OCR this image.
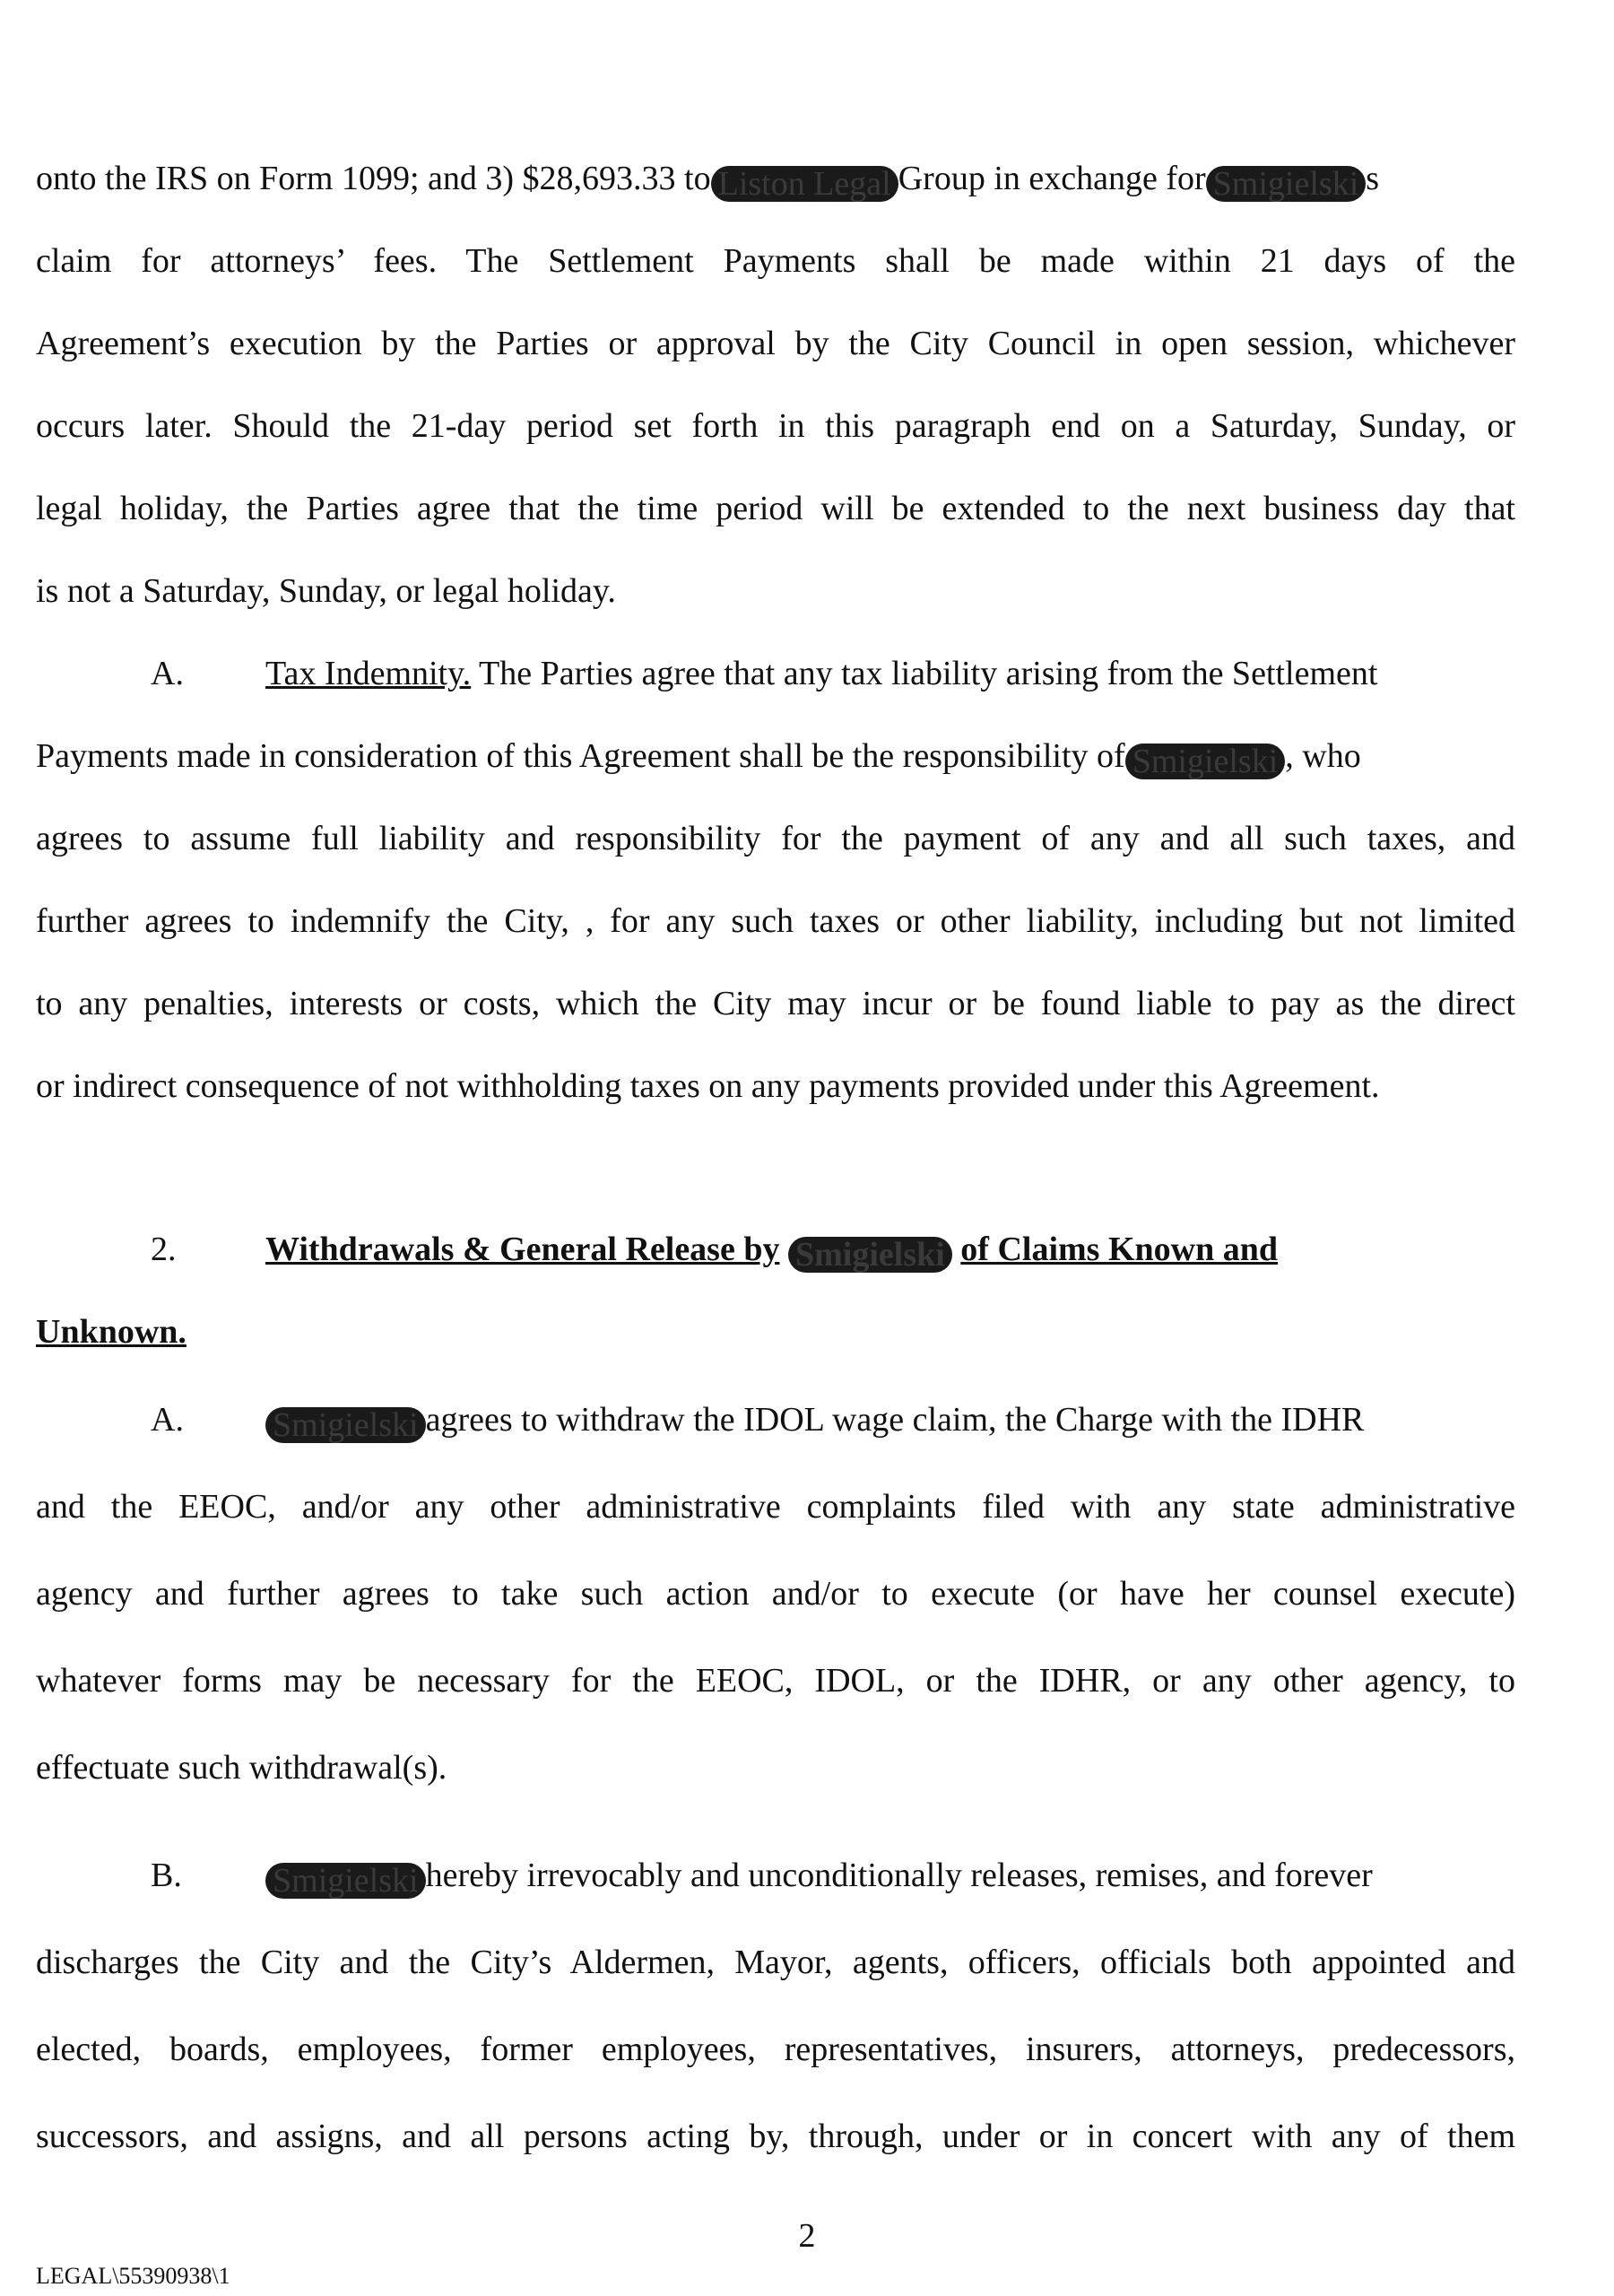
onto the IRS on Form 1099; and 3) $28,693.33 to Liston Legal Group in exchange for Smigielski s
claim for attorneys’ fees. The Settlement Payments shall be made within 21 days of the
Agreement’s execution by the Parties or approval by the City Council in open session, whichever
occurs later. Should the 21-day period set forth in this paragraph end on a Saturday, Sunday, or
legal holiday, the Parties agree that the time period will be extended to the next business day that
is not a Saturday, Sunday, or legal holiday.
A. Tax Indemnity. The Parties agree that any tax liability arising from the Settlement
Payments made in consideration of this Agreement shall be the responsibility of Smigielski , who
agrees to assume full liability and responsibility for the payment of any and all such taxes, and
further agrees to indemnify the City, , for any such taxes or other liability, including but not limited
to any penalties, interests or costs, which the City may incur or be found liable to pay as the direct
or indirect consequence of not withholding taxes on any payments provided under this Agreement.
2.	Withdrawals & General Release by Smigielski of Claims Known and
Unknown.
A.	Smigielski agrees to withdraw the IDOL wage claim, the Charge with the IDHR
and the EEOC, and/or any other administrative complaints filed with any state administrative
agency and further agrees to take such action and/or to execute (or have her counsel execute)
whatever forms may be necessary for the EEOC, IDOL, or the IDHR, or any other agency, to
effectuate such withdrawal(s).
B.	Smigielski hereby irrevocably and unconditionally releases, remises, and forever
discharges the City and the City’s Aldermen, Mayor, agents, officers, officials both appointed and
elected, boards, employees, former employees, representatives, insurers, attorneys, predecessors,
successors, and assigns, and all persons acting by, through, under or in concert with any of them
2
LEGAL\55390938\1
